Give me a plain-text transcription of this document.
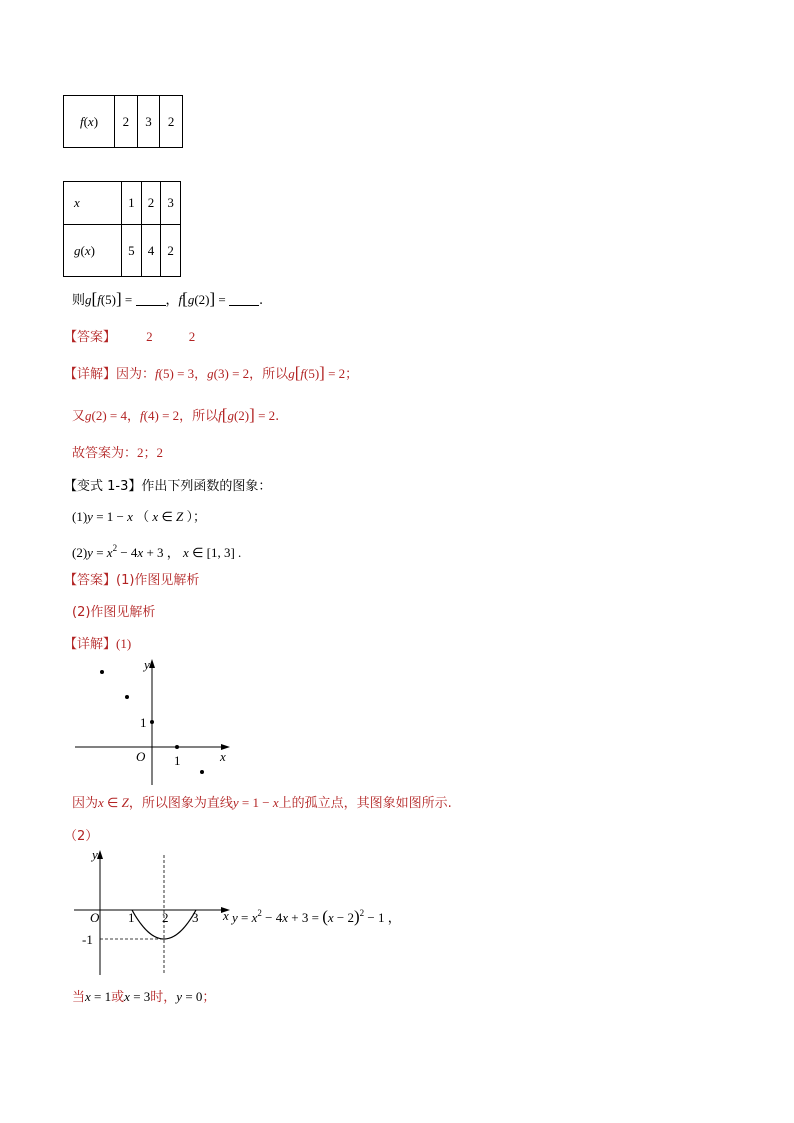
f(x)	2	3	2
x	1	2	3
g(x)	5	4	2
则g[f(5)] = ，f[g(2)] = .
【答案】 2	2
【详解】因为：f(5) = 3，g(3) = 2，所以g[f(5)] = 2；
又g(2) = 4，f(4) = 2，所以f[g(2)] = 2.
故答案为：2；2
【变式 1-3】作出下列函数的图象：
(1)y = 1 − x （ x ∈ Z ）；
$(2)y = x^2 - 4x + 3$ ， x ∈ [1, 3] .
【答案】(1)作图见解析
(2)作图见解析
【详解】(1)
y
x
O 1
1
因为x ∈ Z，所以图象为直线y = 1 − x上的孤立点，其图象如图所示.
（2）
y
x
O 1 2 3
-1
$y = x^2 - 4x + 3 = (x - 2)^2 - 1$ ，
当x = 1或x = 3时，y = 0；
